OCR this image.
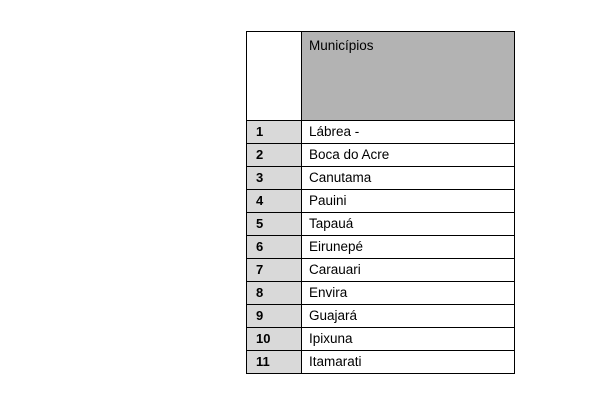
	Municípios

1	Lábrea -

2	Boca do Acre

3	Canutama

4	Pauini

5	Tapauá

6	Eirunepé

7	Carauari

8	Envira

9	Guajará

10	Ipixuna

11	Itamarati
